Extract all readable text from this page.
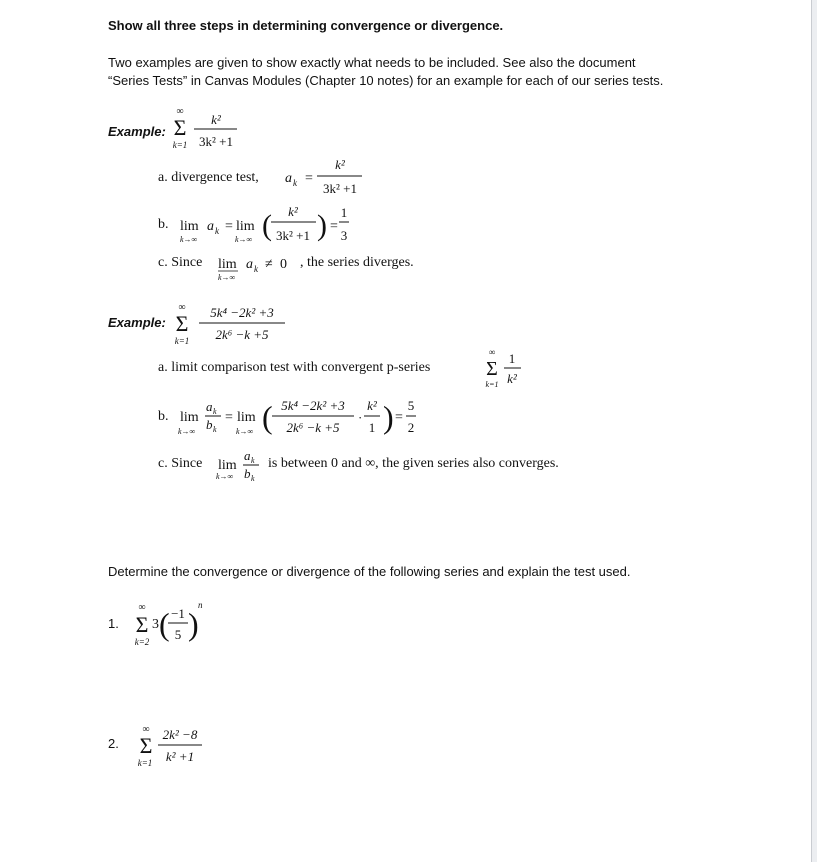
Show all three steps in determining convergence or divergence.
Two examples are given to show exactly what needs to be included. See also the document
“Series Tests” in Canvas Modules (Chapter 10 notes) for an example for each of our series tests.
Example:
∞
Σ
k=1
k²
3k² +1
a. divergence test, a k =
k²
3k² +1
b. lim
k→∞
a k = lim
k→∞ ( k²
3k² +1 ) =
1
3
c. Since lim
k→∞
a k ≠ 0 , the series diverges.
Example:
∞
Σ
k=1
5k⁴ −2k² +3
2k⁶ −k +5
a. limit comparison test with convergent p-series
∞
Σ
k=1
1
k²
b. lim
k→∞
a k
b k
= lim
k→∞ ( 5k⁴ −2k² +3
2k⁶ −k +5
·
k²
1 ) =
5
2
c. Since lim
k→∞
a k
b k
is between 0 and ∞, the given series also converges.
Determine the convergence or divergence of the following series and explain the test used.
1.
∞
Σ
k=2
3 ( −1
5 )
n
2.
∞
Σ
k=1
2k² −8
k² +1
